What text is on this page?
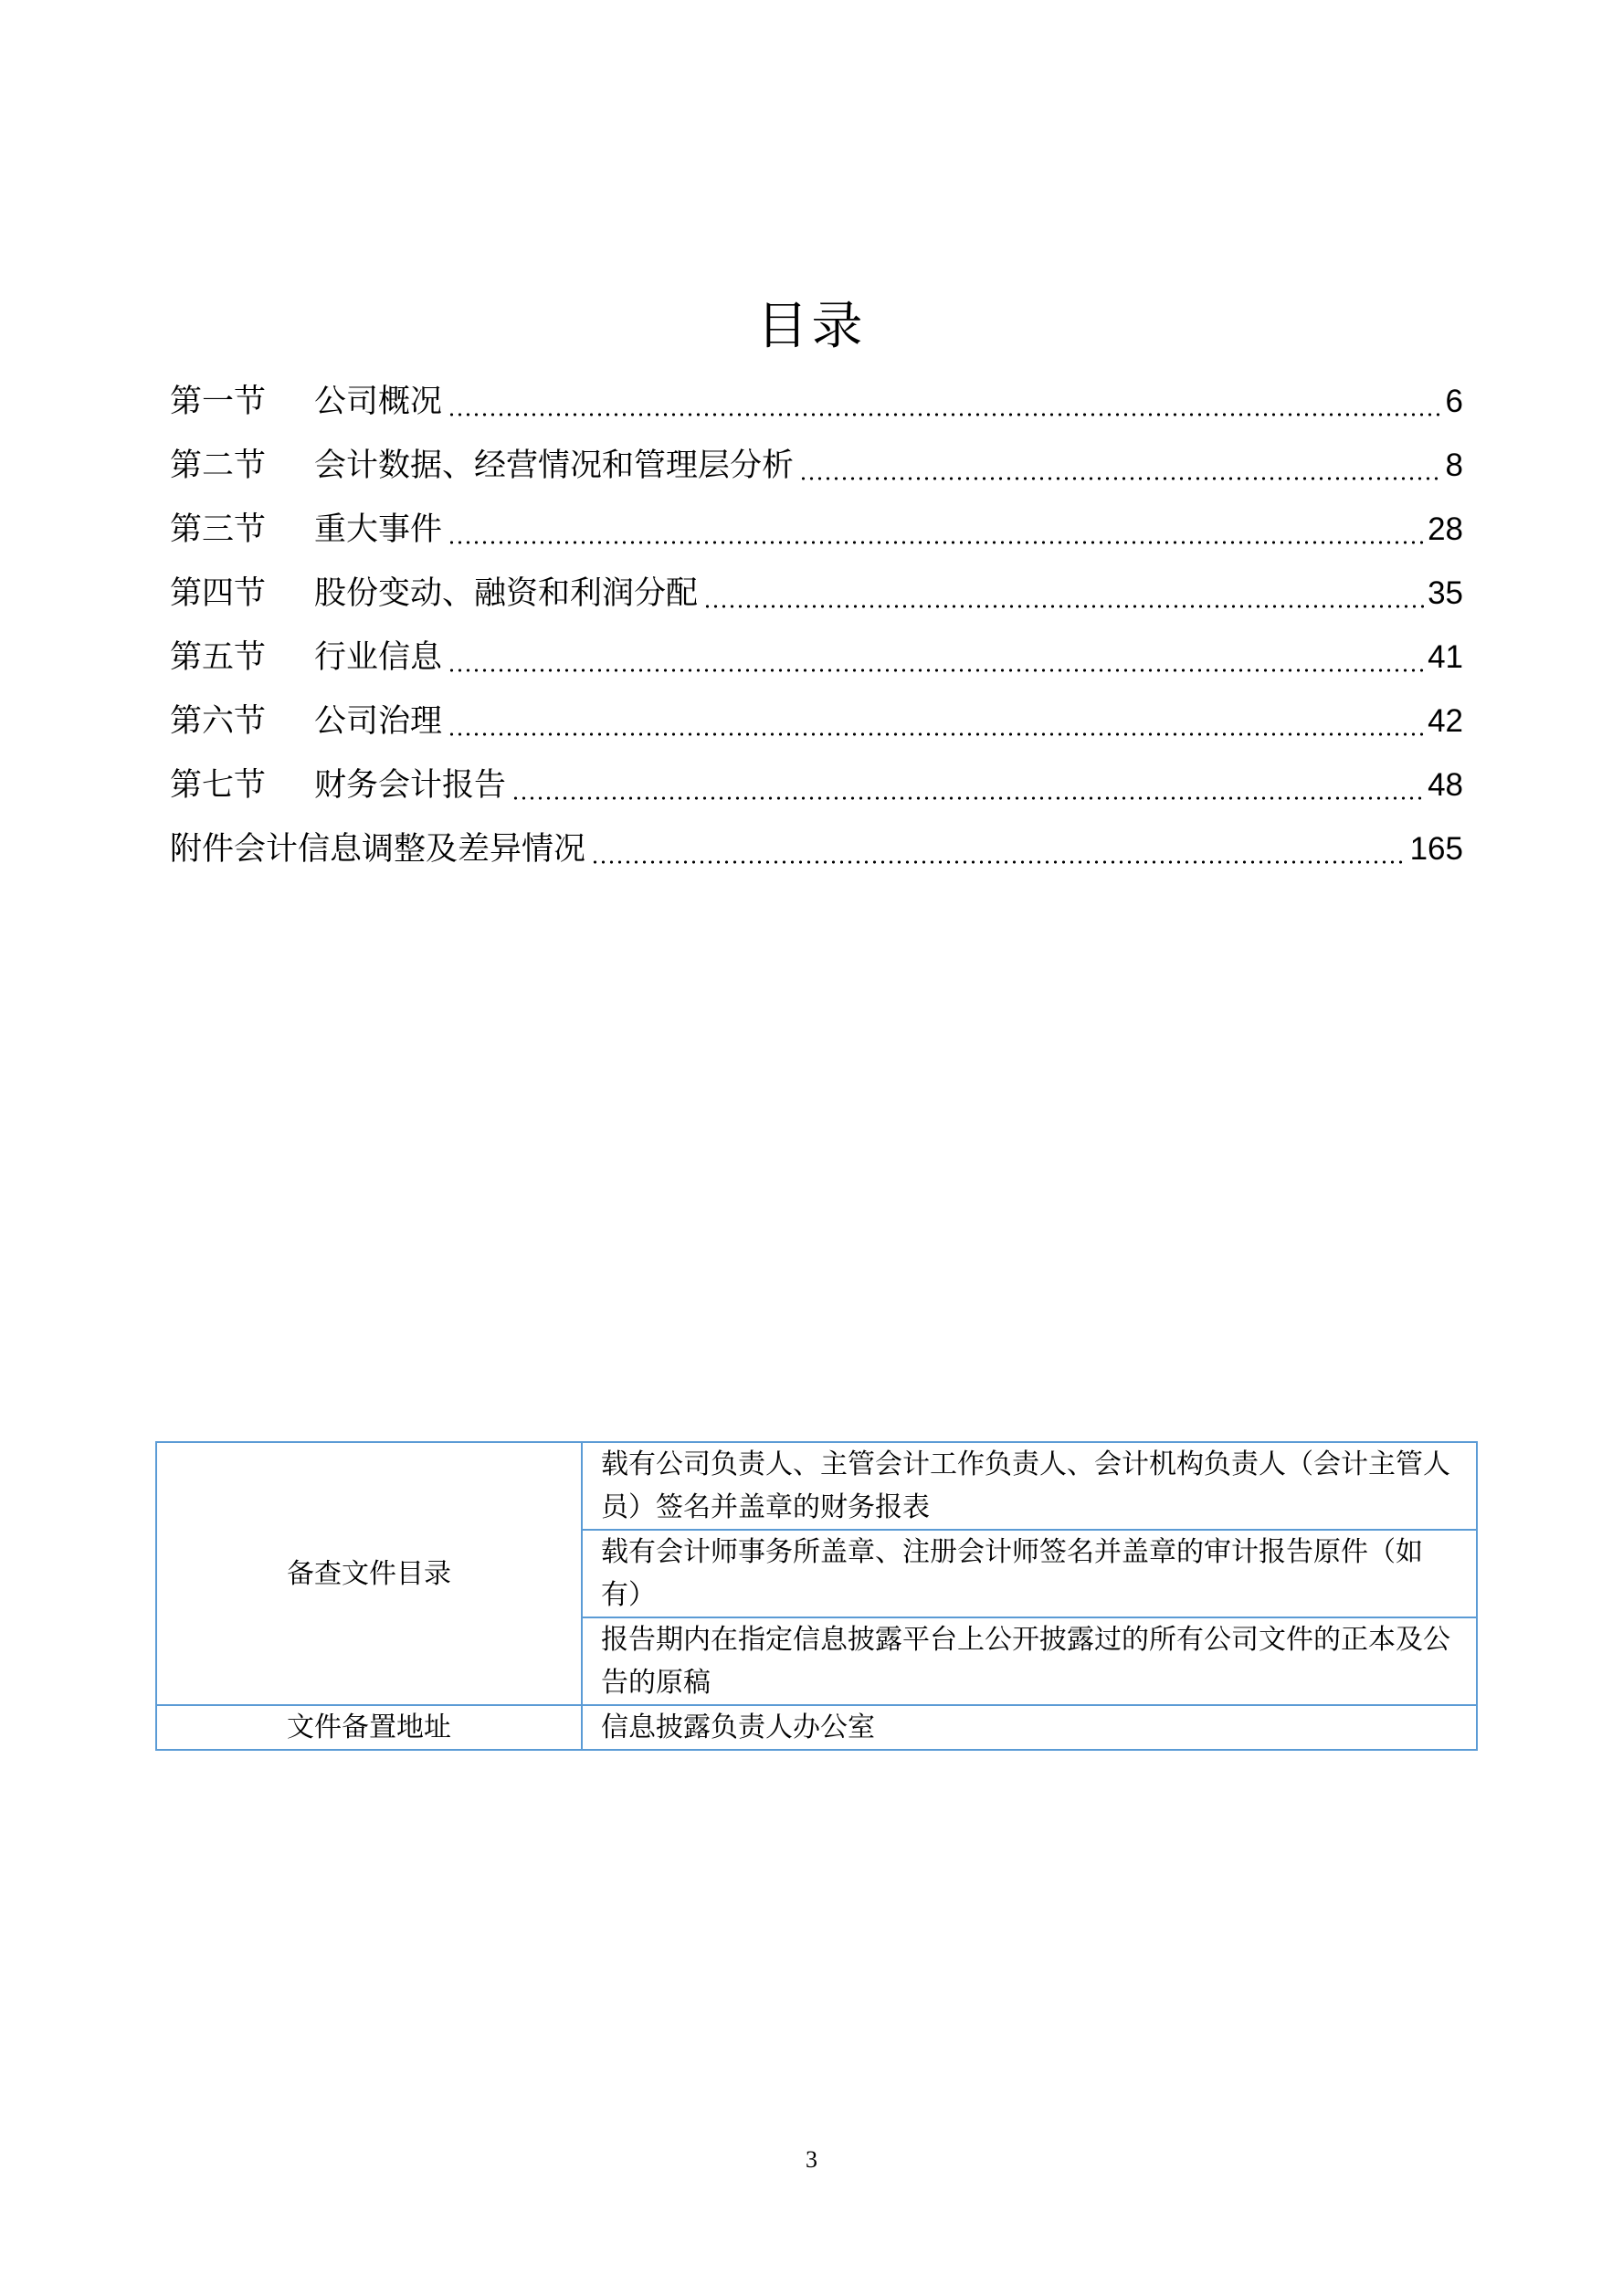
目录
第一节	公司概况	6
第二节	会计数据、经营情况和管理层分析	8
第三节	重大事件	28
第四节	股份变动、融资和利润分配	35
第五节	行业信息	41
第六节	公司治理	42
第七节	财务会计报告	48
附件会计信息调整及差异情况	165
备查文件目录	载有公司负责人、主管会计工作负责人、会计机构负责人（会计主管人员）签名并盖章的财务报表
	载有会计师事务所盖章、注册会计师签名并盖章的审计报告原件（如有）
	报告期内在指定信息披露平台上公开披露过的所有公司文件的正本及公告的原稿
文件备置地址	信息披露负责人办公室
3
